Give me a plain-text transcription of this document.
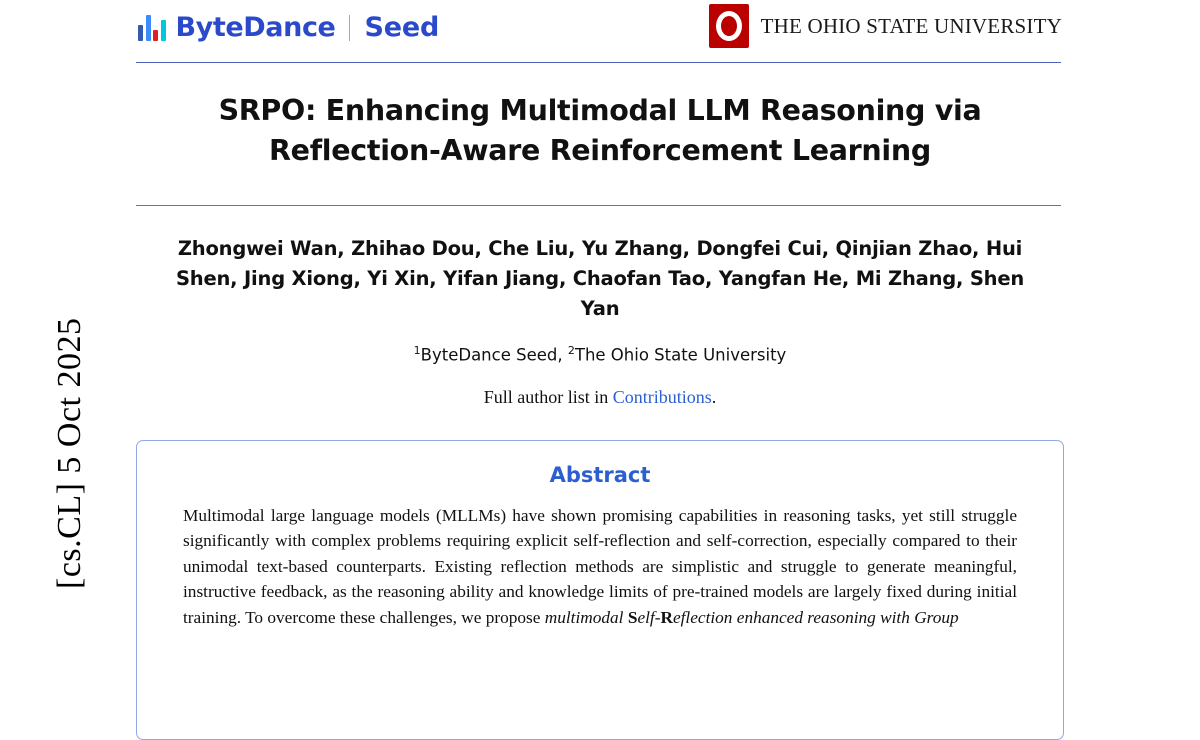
[cs.CL] 5 Oct 2025
ByteDance Seed	THE OHIO STATE UNIVERSITY
SRPO: Enhancing Multimodal LLM Reasoning via Reflection-Aware Reinforcement Learning
Zhongwei Wan, Zhihao Dou, Che Liu, Yu Zhang, Dongfei Cui, Qinjian Zhao, Hui Shen, Jing Xiong, Yi Xin, Yifan Jiang, Chaofan Tao, Yangfan He, Mi Zhang, Shen Yan
$^1$ByteDance Seed, $^2$The Ohio State University
Full author list in Contributions.
Abstract
Multimodal large language models (MLLMs) have shown promising capabilities in reasoning tasks, yet still struggle significantly with complex problems requiring explicit self-reflection and self-correction, especially compared to their unimodal text-based counterparts. Existing reflection methods are simplistic and struggle to generate meaningful, instructive feedback, as the reasoning ability and knowledge limits of pre-trained models are largely fixed during initial training. To overcome these challenges, we propose multimodal Self-Reflection enhanced reasoning with Group
